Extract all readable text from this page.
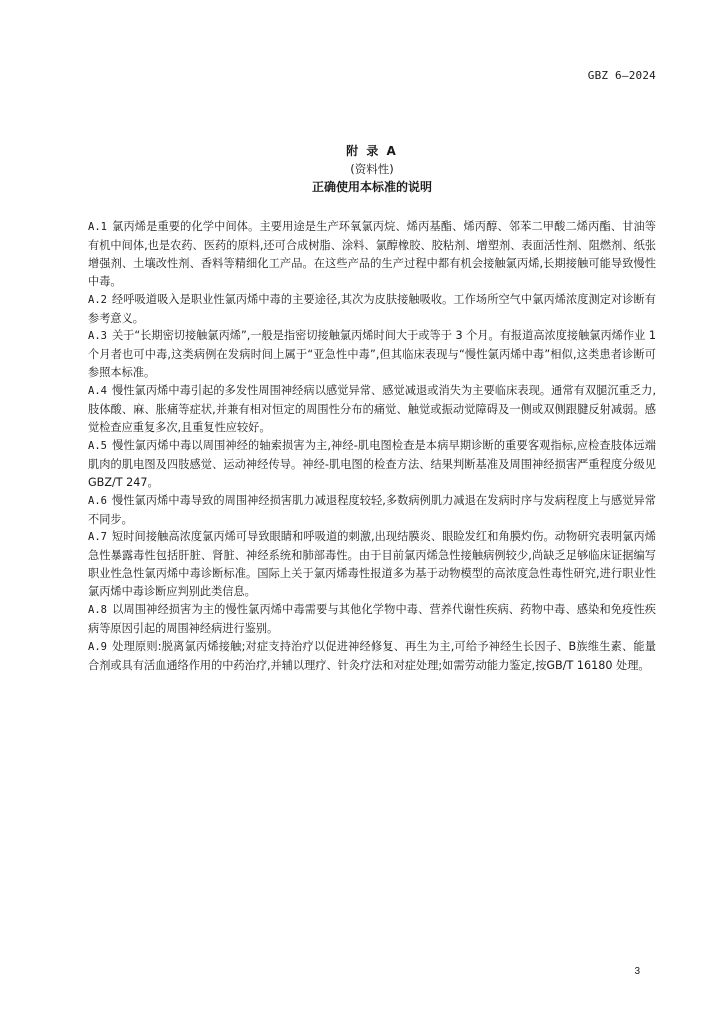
GBZ 6—2024
附 录 A
(资料性)
正确使用本标准的说明

A.1 氯丙烯是重要的化学中间体。主要用途是生产环氧氯丙烷、烯丙基酯、烯丙醇、邻苯二甲酸二烯丙酯、甘油等有机中间体,也是农药、医药的原料,还可合成树脂、涂料、氯醇橡胶、胶粘剂、增塑剂、表面活性剂、阻燃剂、纸张增强剂、土壤改性剂、香料等精细化工产品。在这些产品的生产过程中都有机会接触氯丙烯,长期接触可能导致慢性中毒。

A.2 经呼吸道吸入是职业性氯丙烯中毒的主要途径,其次为皮肤接触吸收。工作场所空气中氯丙烯浓度测定对诊断有参考意义。

A.3 关于“长期密切接触氯丙烯”,一般是指密切接触氯丙烯时间大于或等于 3 个月。有报道高浓度接触氯丙烯作业 1 个月者也可中毒,这类病例在发病时间上属于“亚急性中毒”,但其临床表现与“慢性氯丙烯中毒”相似,这类患者诊断可参照本标准。

A.4 慢性氯丙烯中毒引起的多发性周围神经病以感觉异常、感觉减退或消失为主要临床表现。通常有双腿沉重乏力,肢体酸、麻、胀痛等症状,并兼有相对恒定的周围性分布的痛觉、触觉或振动觉障碍及一侧或双侧跟腱反射减弱。感觉检查应重复多次,且重复性应较好。

A.5 慢性氯丙烯中毒以周围神经的轴索损害为主,神经-肌电图检查是本病早期诊断的重要客观指标,应检查肢体远端肌肉的肌电图及四肢感觉、运动神经传导。神经-肌电图的检查方法、结果判断基准及周围神经损害严重程度分级见GBZ/T 247。

A.6 慢性氯丙烯中毒导致的周围神经损害肌力减退程度较轻,多数病例肌力减退在发病时序与发病程度上与感觉异常不同步。

A.7 短时间接触高浓度氯丙烯可导致眼睛和呼吸道的刺激,出现结膜炎、眼睑发红和角膜灼伤。动物研究表明氯丙烯急性暴露毒性包括肝脏、肾脏、神经系统和肺部毒性。由于目前氯丙烯急性接触病例较少,尚缺乏足够临床证据编写职业性急性氯丙烯中毒诊断标准。国际上关于氯丙烯毒性报道多为基于动物模型的高浓度急性毒性研究,进行职业性氯丙烯中毒诊断应判别此类信息。

A.8 以周围神经损害为主的慢性氯丙烯中毒需要与其他化学物中毒、营养代谢性疾病、药物中毒、感染和免疫性疾病等原因引起的周围神经病进行鉴别。

A.9 处理原则:脱离氯丙烯接触;对症支持治疗以促进神经修复、再生为主,可给予神经生长因子、B族维生素、能量合剂或具有活血通络作用的中药治疗,并辅以理疗、针灸疗法和对症处理;如需劳动能力鉴定,按GB/T 16180 处理。

3
